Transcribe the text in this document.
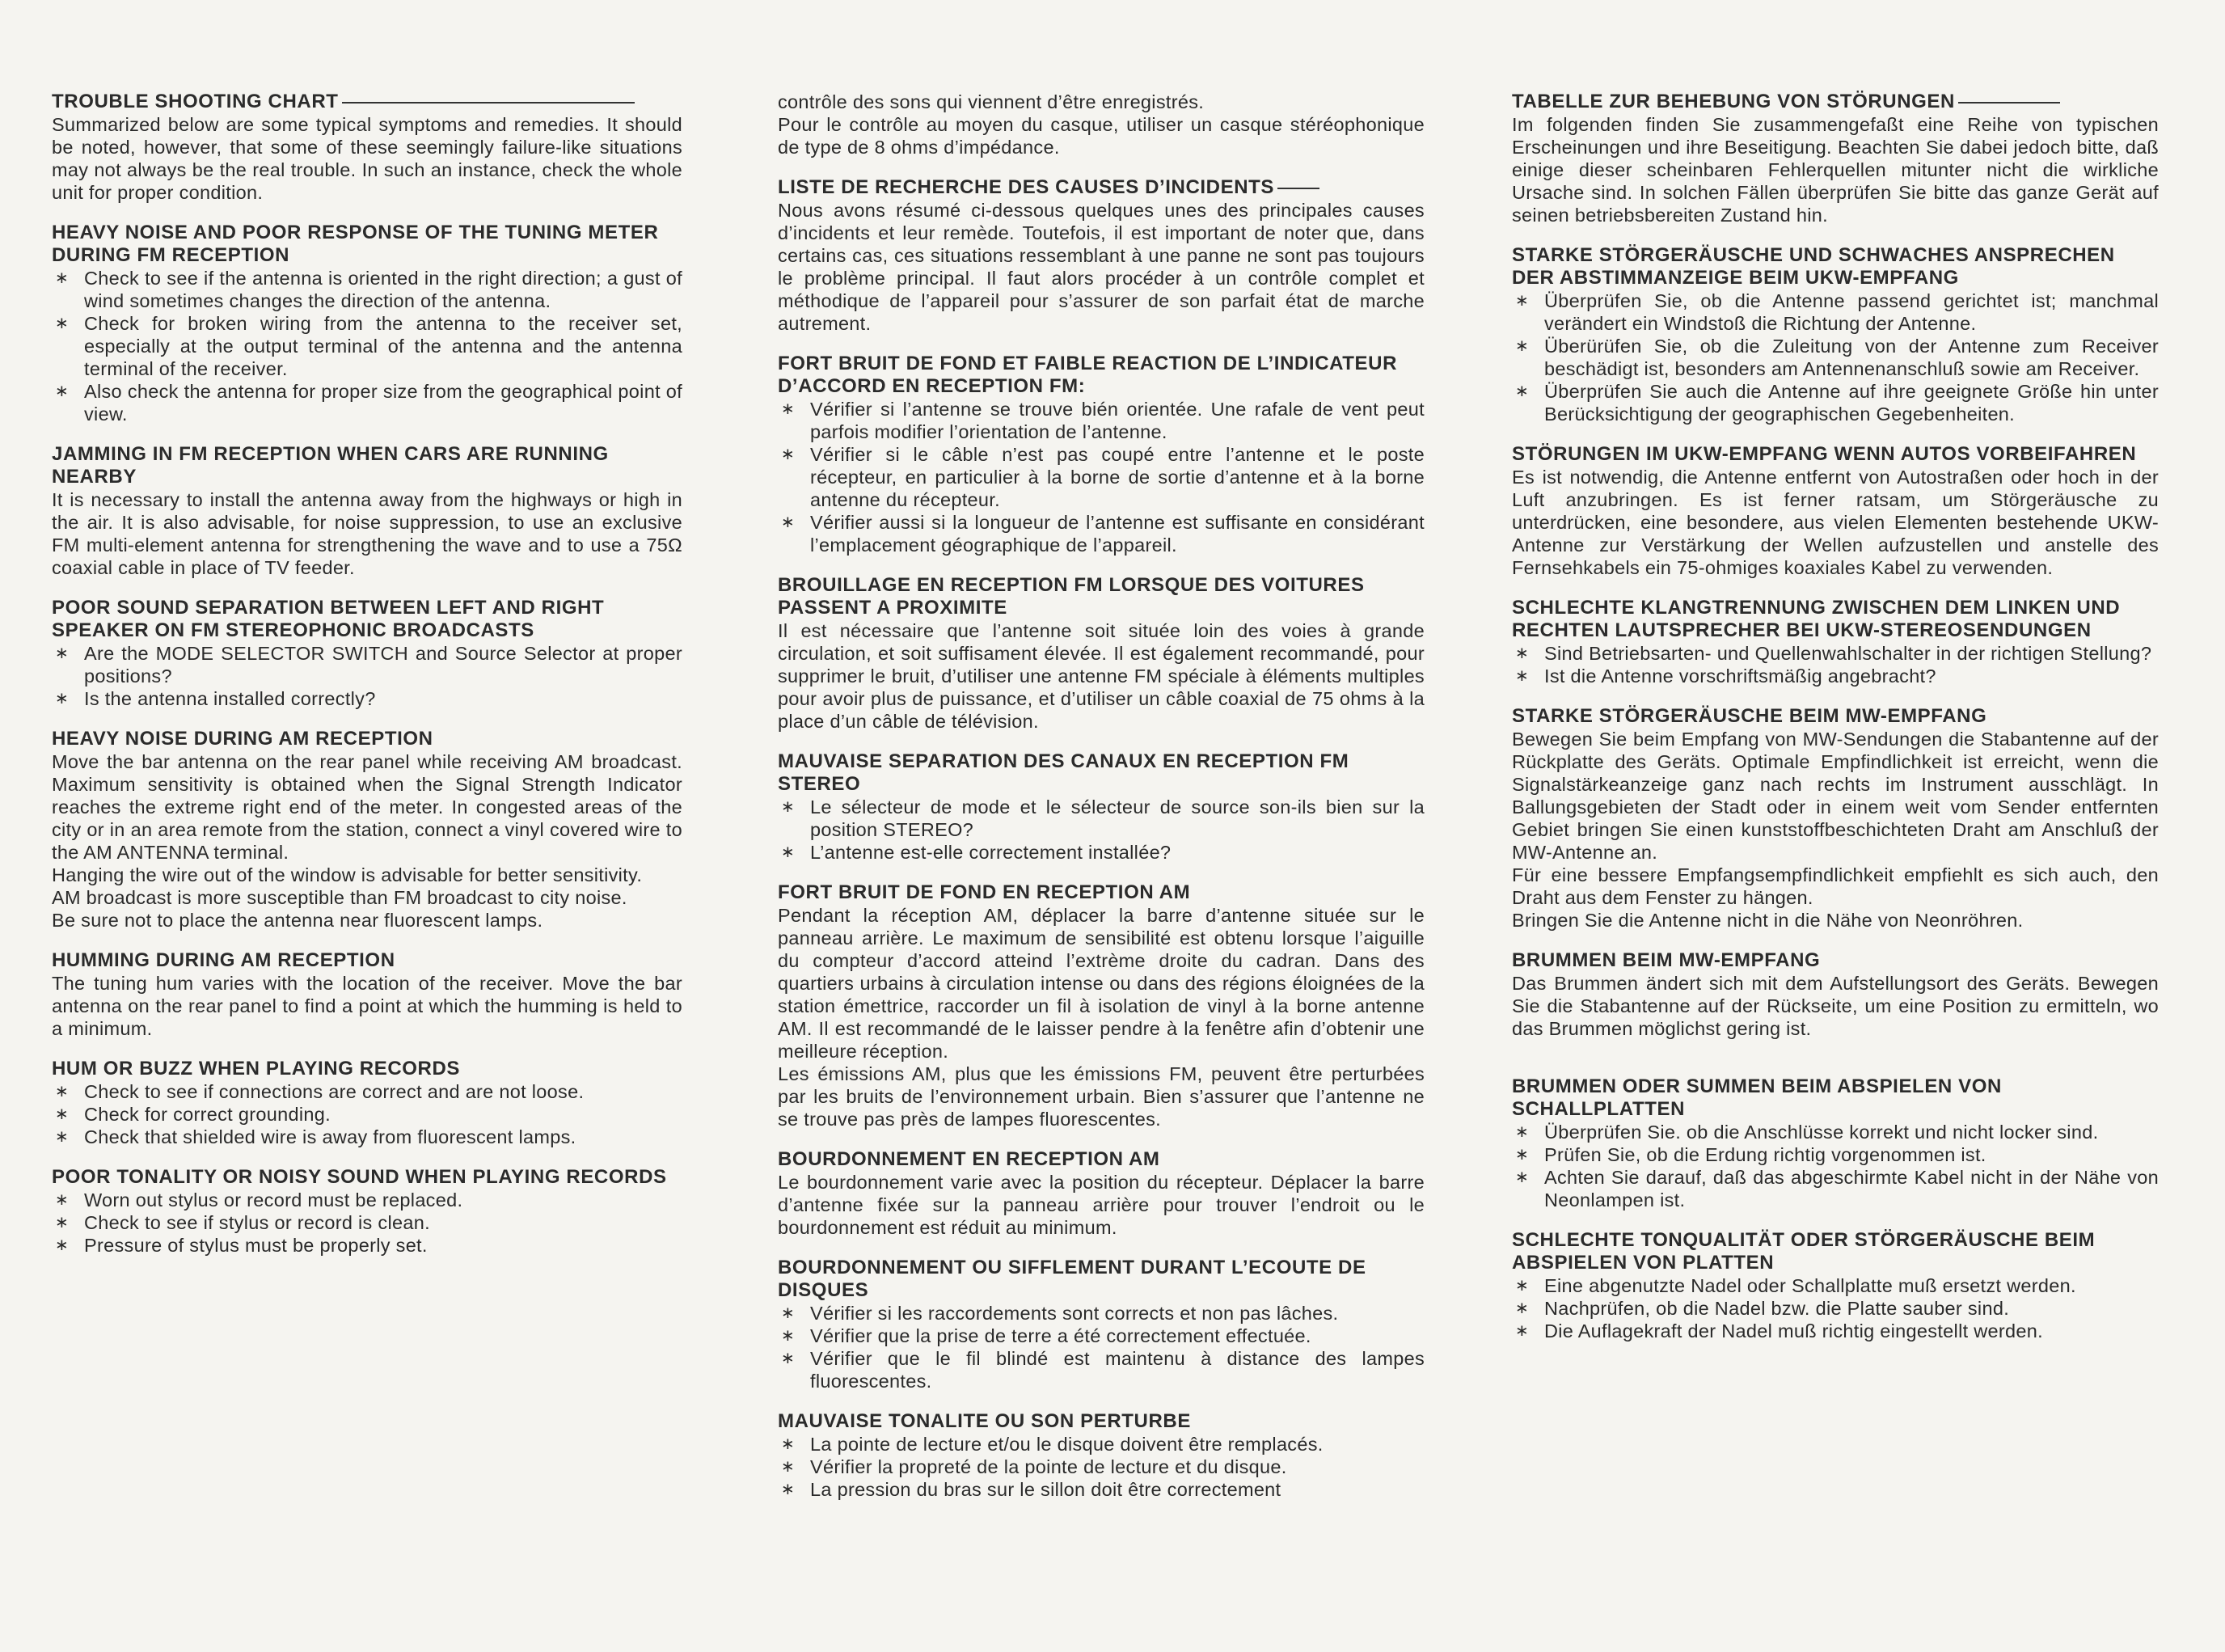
TROUBLE SHOOTING CHART

Summarized below are some typical symptoms and remedies. It should be noted, however, that some of these seemingly failure-like situations may not always be the real trouble. In such an instance, check the whole unit for proper condition.

HEAVY NOISE AND POOR RESPONSE OF THE TUNING METER DURING FM RECEPTION

∗ Check to see if the antenna is oriented in the right direction; a gust of wind sometimes changes the direction of the antenna.
∗ Check for broken wiring from the antenna to the receiver set, especially at the output terminal of the antenna and the antenna terminal of the receiver.
∗ Also check the antenna for proper size from the geographical point of view.

JAMMING IN FM RECEPTION WHEN CARS ARE RUNNING NEARBY

It is necessary to install the antenna away from the highways or high in the air. It is also advisable, for noise suppression, to use an exclusive FM multi-element antenna for strengthening the wave and to use a 75Ω coaxial cable in place of TV feeder.

POOR SOUND SEPARATION BETWEEN LEFT AND RIGHT SPEAKER ON FM STEREOPHONIC BROADCASTS

∗ Are the MODE SELECTOR SWITCH and Source Selector at proper positions?
∗ Is the antenna installed correctly?

HEAVY NOISE DURING AM RECEPTION

Move the bar antenna on the rear panel while receiving AM broadcast. Maximum sensitivity is obtained when the Signal Strength Indicator reaches the extreme right end of the meter. In congested areas of the city or in an area remote from the station, connect a vinyl covered wire to the AM ANTENNA terminal.

Hanging the wire out of the window is advisable for better sensitivity.

AM broadcast is more susceptible than FM broadcast to city noise.

Be sure not to place the antenna near fluorescent lamps.

HUMMING DURING AM RECEPTION

The tuning hum varies with the location of the receiver. Move the bar antenna on the rear panel to find a point at which the humming is held to a minimum.

HUM OR BUZZ WHEN PLAYING RECORDS

∗ Check to see if connections are correct and are not loose.
∗ Check for correct grounding.
∗ Check that shielded wire is away from fluorescent lamps.

POOR TONALITY OR NOISY SOUND WHEN PLAYING RECORDS

∗ Worn out stylus or record must be replaced.
∗ Check to see if stylus or record is clean.
∗ Pressure of stylus must be properly set.

contrôle des sons qui viennent d’être enregistrés.

Pour le contrôle au moyen du casque, utiliser un casque stéréophonique de type de 8 ohms d’impédance.

LISTE DE RECHERCHE DES CAUSES D’INCIDENTS

Nous avons résumé ci-dessous quelques unes des principales causes d’incidents et leur remède. Toutefois, il est important de noter que, dans certains cas, ces situations ressemblant à une panne ne sont pas toujours le problème principal. Il faut alors procéder à un contrôle complet et méthodique de l’appareil pour s’assurer de son parfait état de marche autrement.

FORT BRUIT DE FOND ET FAIBLE REACTION DE L’INDICATEUR D’ACCORD EN RECEPTION FM:

∗ Vérifier si l’antenne se trouve bién orientée. Une rafale de vent peut parfois modifier l’orientation de l’antenne.
∗ Vérifier si le câble n’est pas coupé entre l’antenne et le poste récepteur, en particulier à la borne de sortie d’antenne et à la borne antenne du récepteur.
∗ Vérifier aussi si la longueur de l’antenne est suffisante en considérant l’emplacement géographique de l’appareil.

BROUILLAGE EN RECEPTION FM LORSQUE DES VOITURES PASSENT A PROXIMITE

Il est nécessaire que l’antenne soit située loin des voies à grande circulation, et soit suffisament élevée. Il est également recommandé, pour supprimer le bruit, d’utiliser une antenne FM spéciale à éléments multiples pour avoir plus de puissance, et d’utiliser un câble coaxial de 75 ohms à la place d’un câble de télévision.

MAUVAISE SEPARATION DES CANAUX EN RECEPTION FM STEREO

∗ Le sélecteur de mode et le sélecteur de source son-ils bien sur la position STEREO?
∗ L’antenne est-elle correctement installée?

FORT BRUIT DE FOND EN RECEPTION AM

Pendant la réception AM, déplacer la barre d’antenne située sur le panneau arrière. Le maximum de sensibilité est obtenu lorsque l’aiguille du compteur d’accord atteind l’extrème droite du cadran. Dans des quartiers urbains à circulation intense ou dans des régions éloignées de la station émettrice, raccorder un fil à isolation de vinyl à la borne antenne AM. Il est recommandé de le laisser pendre à la fenêtre afin d’obtenir une meilleure réception.

Les émissions AM, plus que les émissions FM, peuvent être perturbées par les bruits de l’environnement urbain. Bien s’assurer que l’antenne ne se trouve pas près de lampes fluorescentes.

BOURDONNEMENT EN RECEPTION AM

Le bourdonnement varie avec la position du récepteur. Déplacer la barre d’antenne fixée sur la panneau arrière pour trouver l’endroit ou le bourdonnement est réduit au minimum.

BOURDONNEMENT OU SIFFLEMENT DURANT L’ECOUTE DE DISQUES

∗ Vérifier si les raccordements sont corrects et non pas lâches.
∗ Vérifier que la prise de terre a été correctement effectuée.
∗ Vérifier que le fil blindé est maintenu à distance des lampes fluorescentes.

MAUVAISE TONALITE OU SON PERTURBE

∗ La pointe de lecture et/ou le disque doivent être remplacés.
∗ Vérifier la propreté de la pointe de lecture et du disque.
∗ La pression du bras sur le sillon doit être correctement

TABELLE ZUR BEHEBUNG VON STÖRUNGEN

Im folgenden finden Sie zusammengefaßt eine Reihe von typischen Erscheinungen und ihre Beseitigung. Beachten Sie dabei jedoch bitte, daß einige dieser scheinbaren Fehlerquellen mitunter nicht die wirkliche Ursache sind. In solchen Fällen überprüfen Sie bitte das ganze Gerät auf seinen betriebsbereiten Zustand hin.

STARKE STÖRGERÄUSCHE UND SCHWACHES ANSPRECHEN DER ABSTIMMANZEIGE BEIM UKW-EMPFANG

∗ Überprüfen Sie, ob die Antenne passend gerichtet ist; manchmal verändert ein Windstoß die Richtung der Antenne.
∗ Überürüfen Sie, ob die Zuleitung von der Antenne zum Receiver beschädigt ist, besonders am Antennenanschluß sowie am Receiver.
∗ Überprüfen Sie auch die Antenne auf ihre geeignete Größe hin unter Berücksichtigung der geographischen Gegebenheiten.

STÖRUNGEN IM UKW-EMPFANG WENN AUTOS VORBEIFAHREN

Es ist notwendig, die Antenne entfernt von Autostraßen oder hoch in der Luft anzubringen. Es ist ferner ratsam, um Störgeräusche zu unterdrücken, eine besondere, aus vielen Elementen bestehende UKW-Antenne zur Verstärkung der Wellen aufzustellen und anstelle des Fernsehkabels ein 75-ohmiges koaxiales Kabel zu verwenden.

SCHLECHTE KLANGTRENNUNG ZWISCHEN DEM LINKEN UND RECHTEN LAUTSPRECHER BEI UKW-STEREOSENDUNGEN

∗ Sind Betriebsarten- und Quellenwahlschalter in der richtigen Stellung?
∗ Ist die Antenne vorschriftsmäßig angebracht?

STARKE STÖRGERÄUSCHE BEIM MW-EMPFANG

Bewegen Sie beim Empfang von MW-Sendungen die Stabantenne auf der Rückplatte des Geräts. Optimale Empfindlichkeit ist erreicht, wenn die Signalstärkeanzeige ganz nach rechts im Instrument ausschlägt. In Ballungsgebieten der Stadt oder in einem weit vom Sender entfernten Gebiet bringen Sie einen kunststoffbeschichteten Draht am Anschluß der MW-Antenne an.

Für eine bessere Empfangsempfindlichkeit empfiehlt es sich auch, den Draht aus dem Fenster zu hängen.

Bringen Sie die Antenne nicht in die Nähe von Neonröhren.

BRUMMEN BEIM MW-EMPFANG

Das Brummen ändert sich mit dem Aufstellungsort des Geräts. Bewegen Sie die Stabantenne auf der Rückseite, um eine Position zu ermitteln, wo das Brummen möglichst gering ist.

BRUMMEN ODER SUMMEN BEIM ABSPIELEN VON SCHALLPLATTEN

∗ Überprüfen Sie. ob die Anschlüsse korrekt und nicht locker sind.
∗ Prüfen Sie, ob die Erdung richtig vorgenommen ist.
∗ Achten Sie darauf, daß das abgeschirmte Kabel nicht in der Nähe von Neonlampen ist.

SCHLECHTE TONQUALITÄT ODER STÖRGERÄUSCHE BEIM ABSPIELEN VON PLATTEN

∗ Eine abgenutzte Nadel oder Schallplatte muß ersetzt werden.
∗ Nachprüfen, ob die Nadel bzw. die Platte sauber sind.
∗ Die Auflagekraft der Nadel muß richtig eingestellt werden.
